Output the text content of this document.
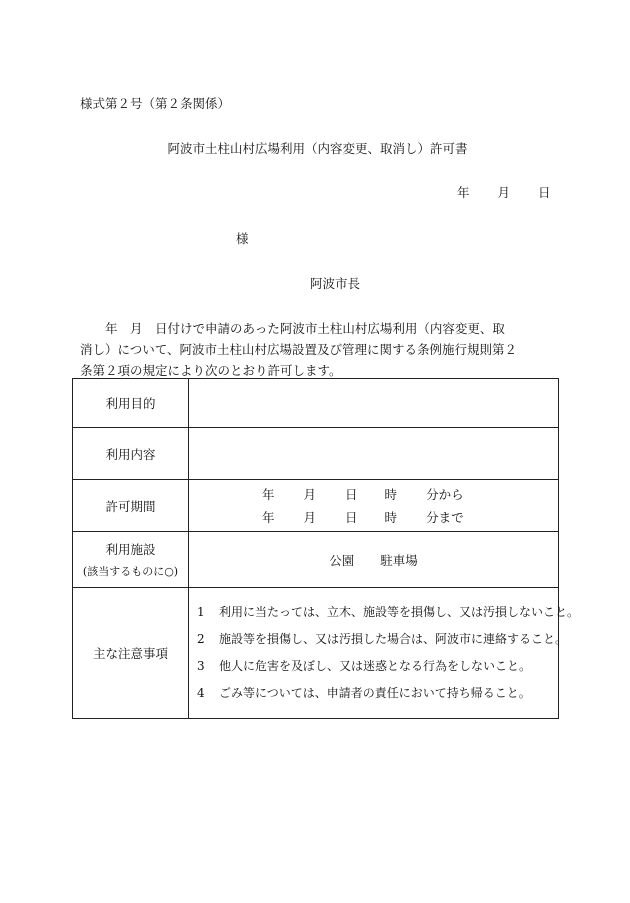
様式第２号（第２条関係）
阿波市土柱山村広場利用（内容変更、取消し）許可書
年 月 日
様
阿波市長
　　年　月　日付けで申請のあった阿波市土柱山村広場利用（内容変更、取
消し）について、阿波市土柱山村広場設置及び管理に関する条例施行規則第２
条第２項の規定により次のとおり許可します。
利用目的	
利用内容	
許可期間	年 月 日 時 分から
年 月 日 時 分まで

利用施設
(該当するものに○)	公園 駐車場
主な注意事項	1 利用に当たっては、立木、施設等を損傷し、又は汚損しないこと。
2 施設等を損傷し、又は汚損した場合は、阿波市に連絡すること。
3 他人に危害を及ぼし、又は迷惑となる行為をしないこと。
4 ごみ等については、申請者の責任において持ち帰ること。
